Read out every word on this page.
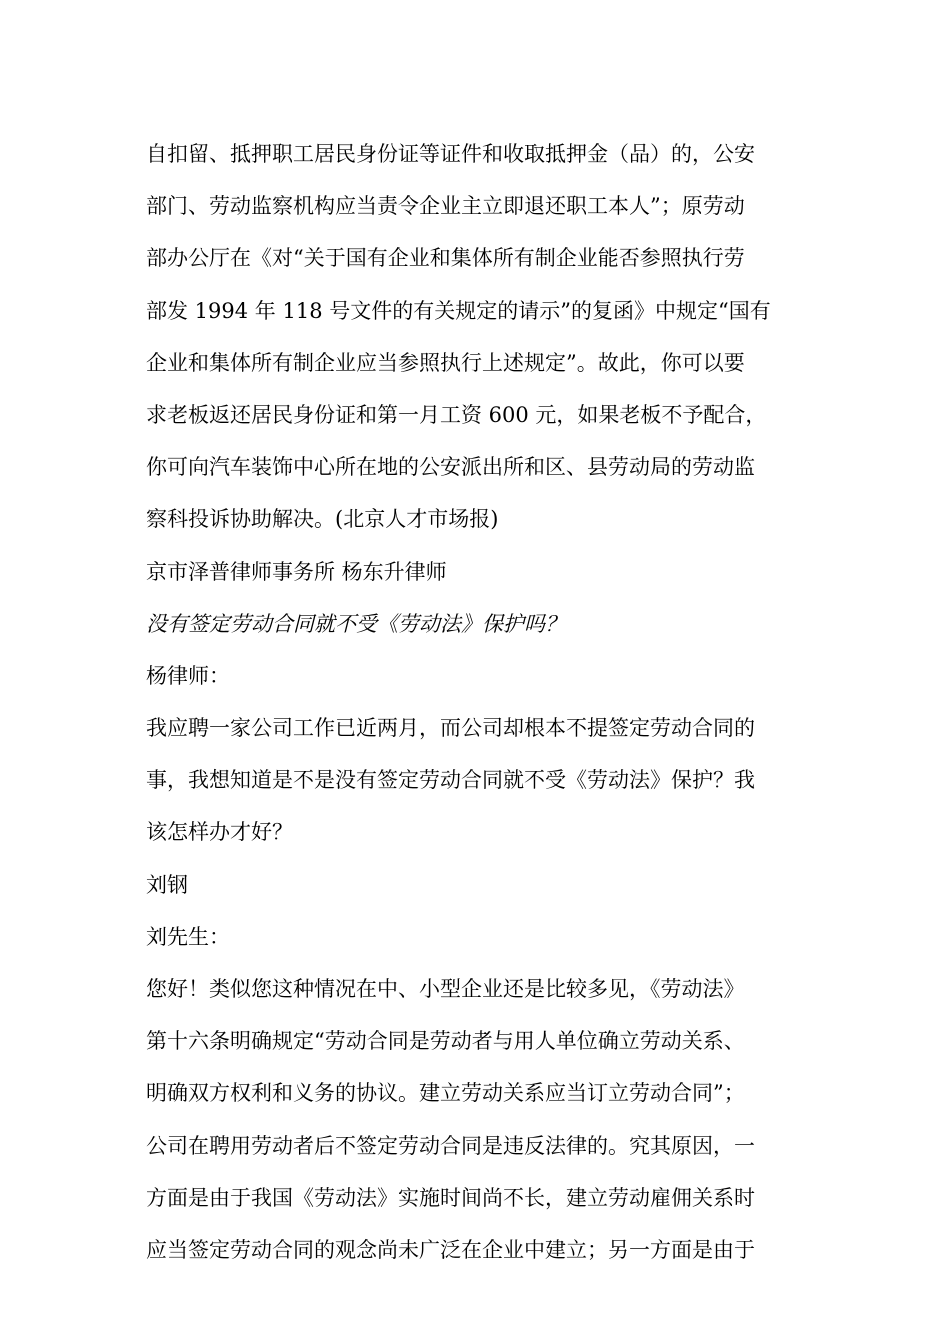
自扣留、抵押职工居民身份证等证件和收取抵押金（品）的，公安
部门、劳动监察机构应当责令企业主立即退还职工本人”；原劳动
部办公厅在《对“关于国有企业和集体所有制企业能否参照执行劳
部发 1994 年 118 号文件的有关规定的请示”的复函》中规定“国有
企业和集体所有制企业应当参照执行上述规定”。故此，你可以要
求老板返还居民身份证和第一月工资 600 元，如果老板不予配合，
你可向汽车装饰中心所在地的公安派出所和区、县劳动局的劳动监
察科投诉协助解决。(北京人才市场报)
京市泽普律师事务所 杨东升律师
没有签定劳动合同就不受《劳动法》保护吗？
杨律师：
我应聘一家公司工作已近两月，而公司却根本不提签定劳动合同的
事，我想知道是不是没有签定劳动合同就不受《劳动法》保护？我
该怎样办才好？
刘钢
刘先生：
您好！类似您这种情况在中、小型企业还是比较多见，《劳动法》
第十六条明确规定“劳动合同是劳动者与用人单位确立劳动关系、
明确双方权利和义务的协议。建立劳动关系应当订立劳动合同”；
公司在聘用劳动者后不签定劳动合同是违反法律的。究其原因，一
方面是由于我国《劳动法》实施时间尚不长，建立劳动雇佣关系时
应当签定劳动合同的观念尚未广泛在企业中建立；另一方面是由于
